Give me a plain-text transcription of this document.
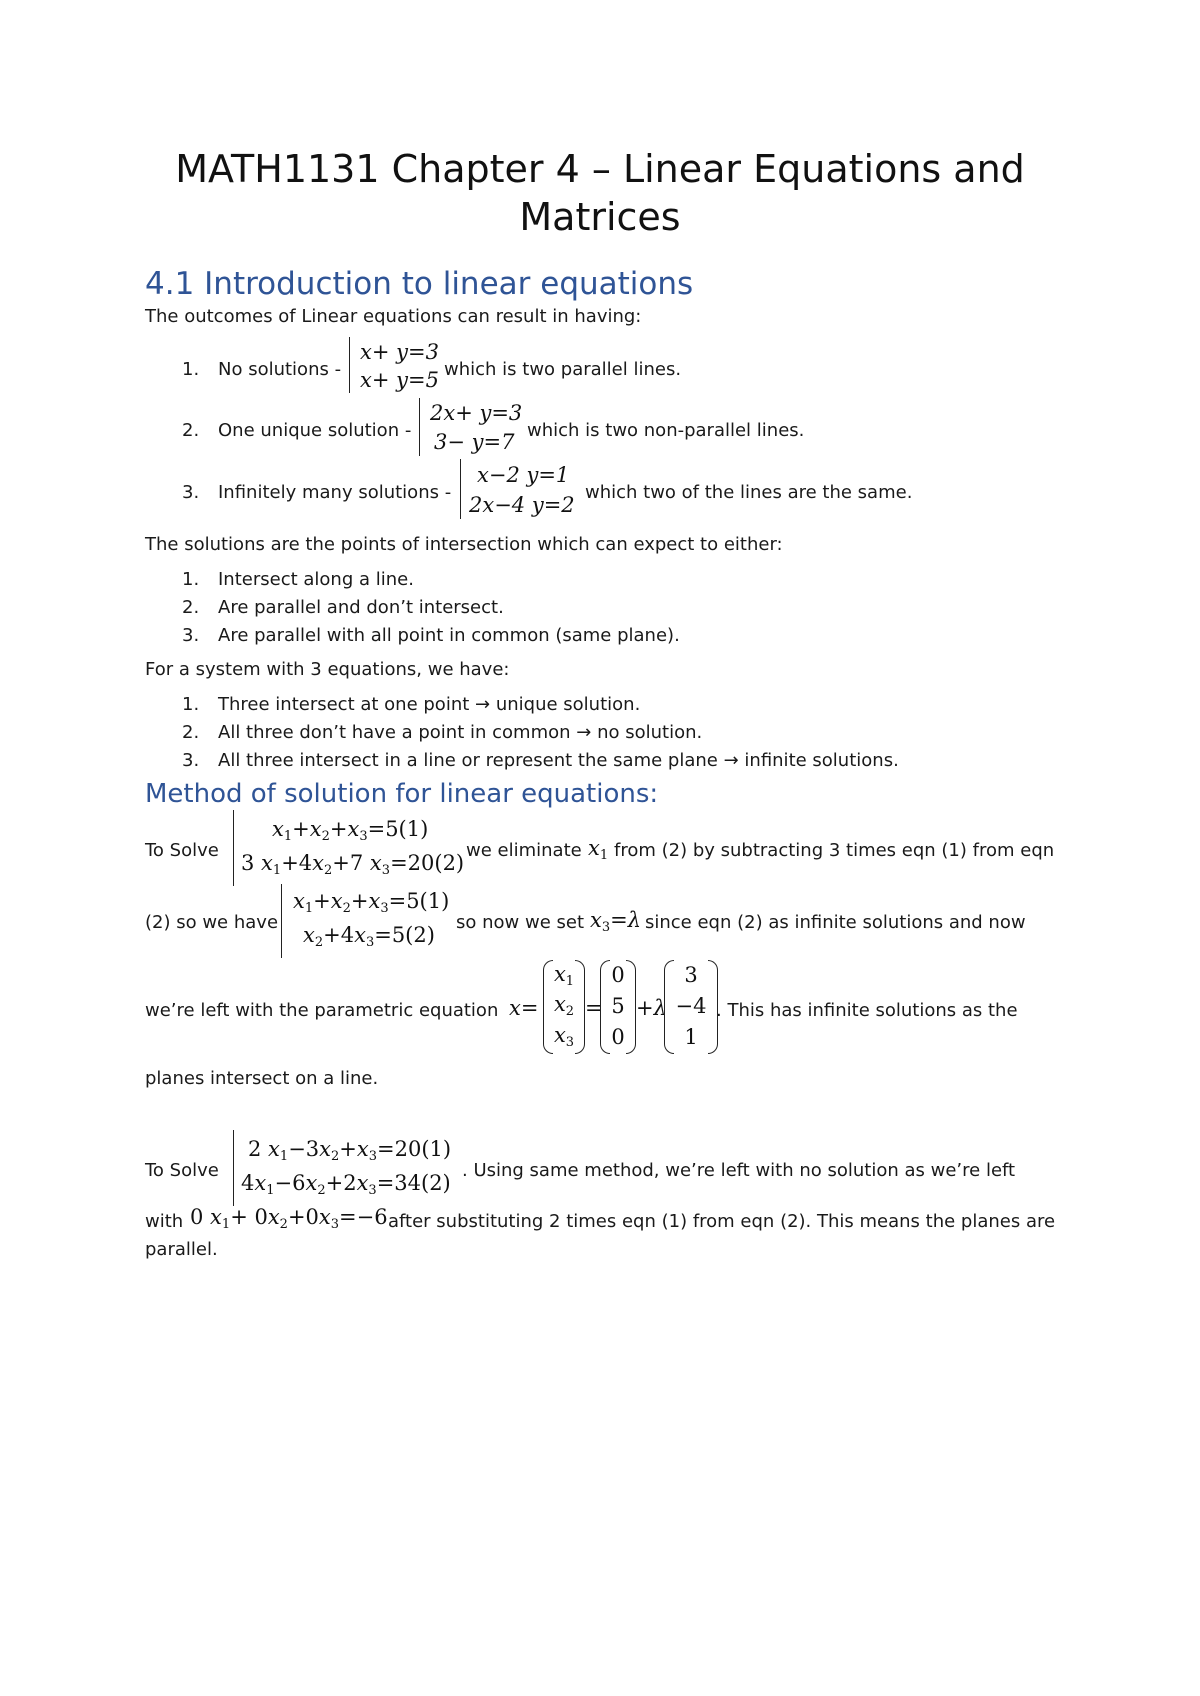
MATH1131 Chapter 4 – Linear Equations and
Matrices
4.1 Introduction to linear equations
The outcomes of Linear equations can result in having:
1.	No solutions -
x+ y=3
x+ y=5 which is two parallel lines.
2.	One unique solution -
2x+ y=3
3− y=7 which is two non-parallel lines.
3.	Infinitely many solutions -
x−2 y=1
2x−4 y=2
which two of the lines are the same.
The solutions are the points of intersection which can expect to either:
1.	Intersect along a line.
2.	Are parallel and don’t intersect.
3.	Are parallel with all point in common (same plane).
For a system with 3 equations, we have:
1.	Three intersect at one point → unique solution.
2.	All three don’t have a point in common → no solution.
3.	All three intersect in a line or represent the same plane → infinite solutions.
Method of solution for linear equations:
To Solve
$x_1+x_2+x_3=5(1)$
3 $x_1+4x_2+7$ $x_3=20(2)$
we eliminate $x_1$ from (2) by subtracting 3 times eqn (1) from eqn
(2) so we have
$x_1+x_2+x_3=5(1)$
$x_2+4x_3=5(2)$
so now we set $x_3=\lambda$ since eqn (2) as infinite solutions and now
we’re left with the parametric equation x=
$x_1$
$x_2$
$x_3$
=
0
5
0
+λ
3
−4
1
. This has infinite solutions as the
planes intersect on a line.
To Solve
2 $x_1-3x_2+x_3=20(1)$
$4x_1-6x_2+2x_3=34(2)$
. Using same method, we’re left with no solution as we’re left
with 0 $x_1+ 0x_2+0x_3=-6$ after substituting 2 times eqn (1) from eqn (2). This means the planes are
parallel.
